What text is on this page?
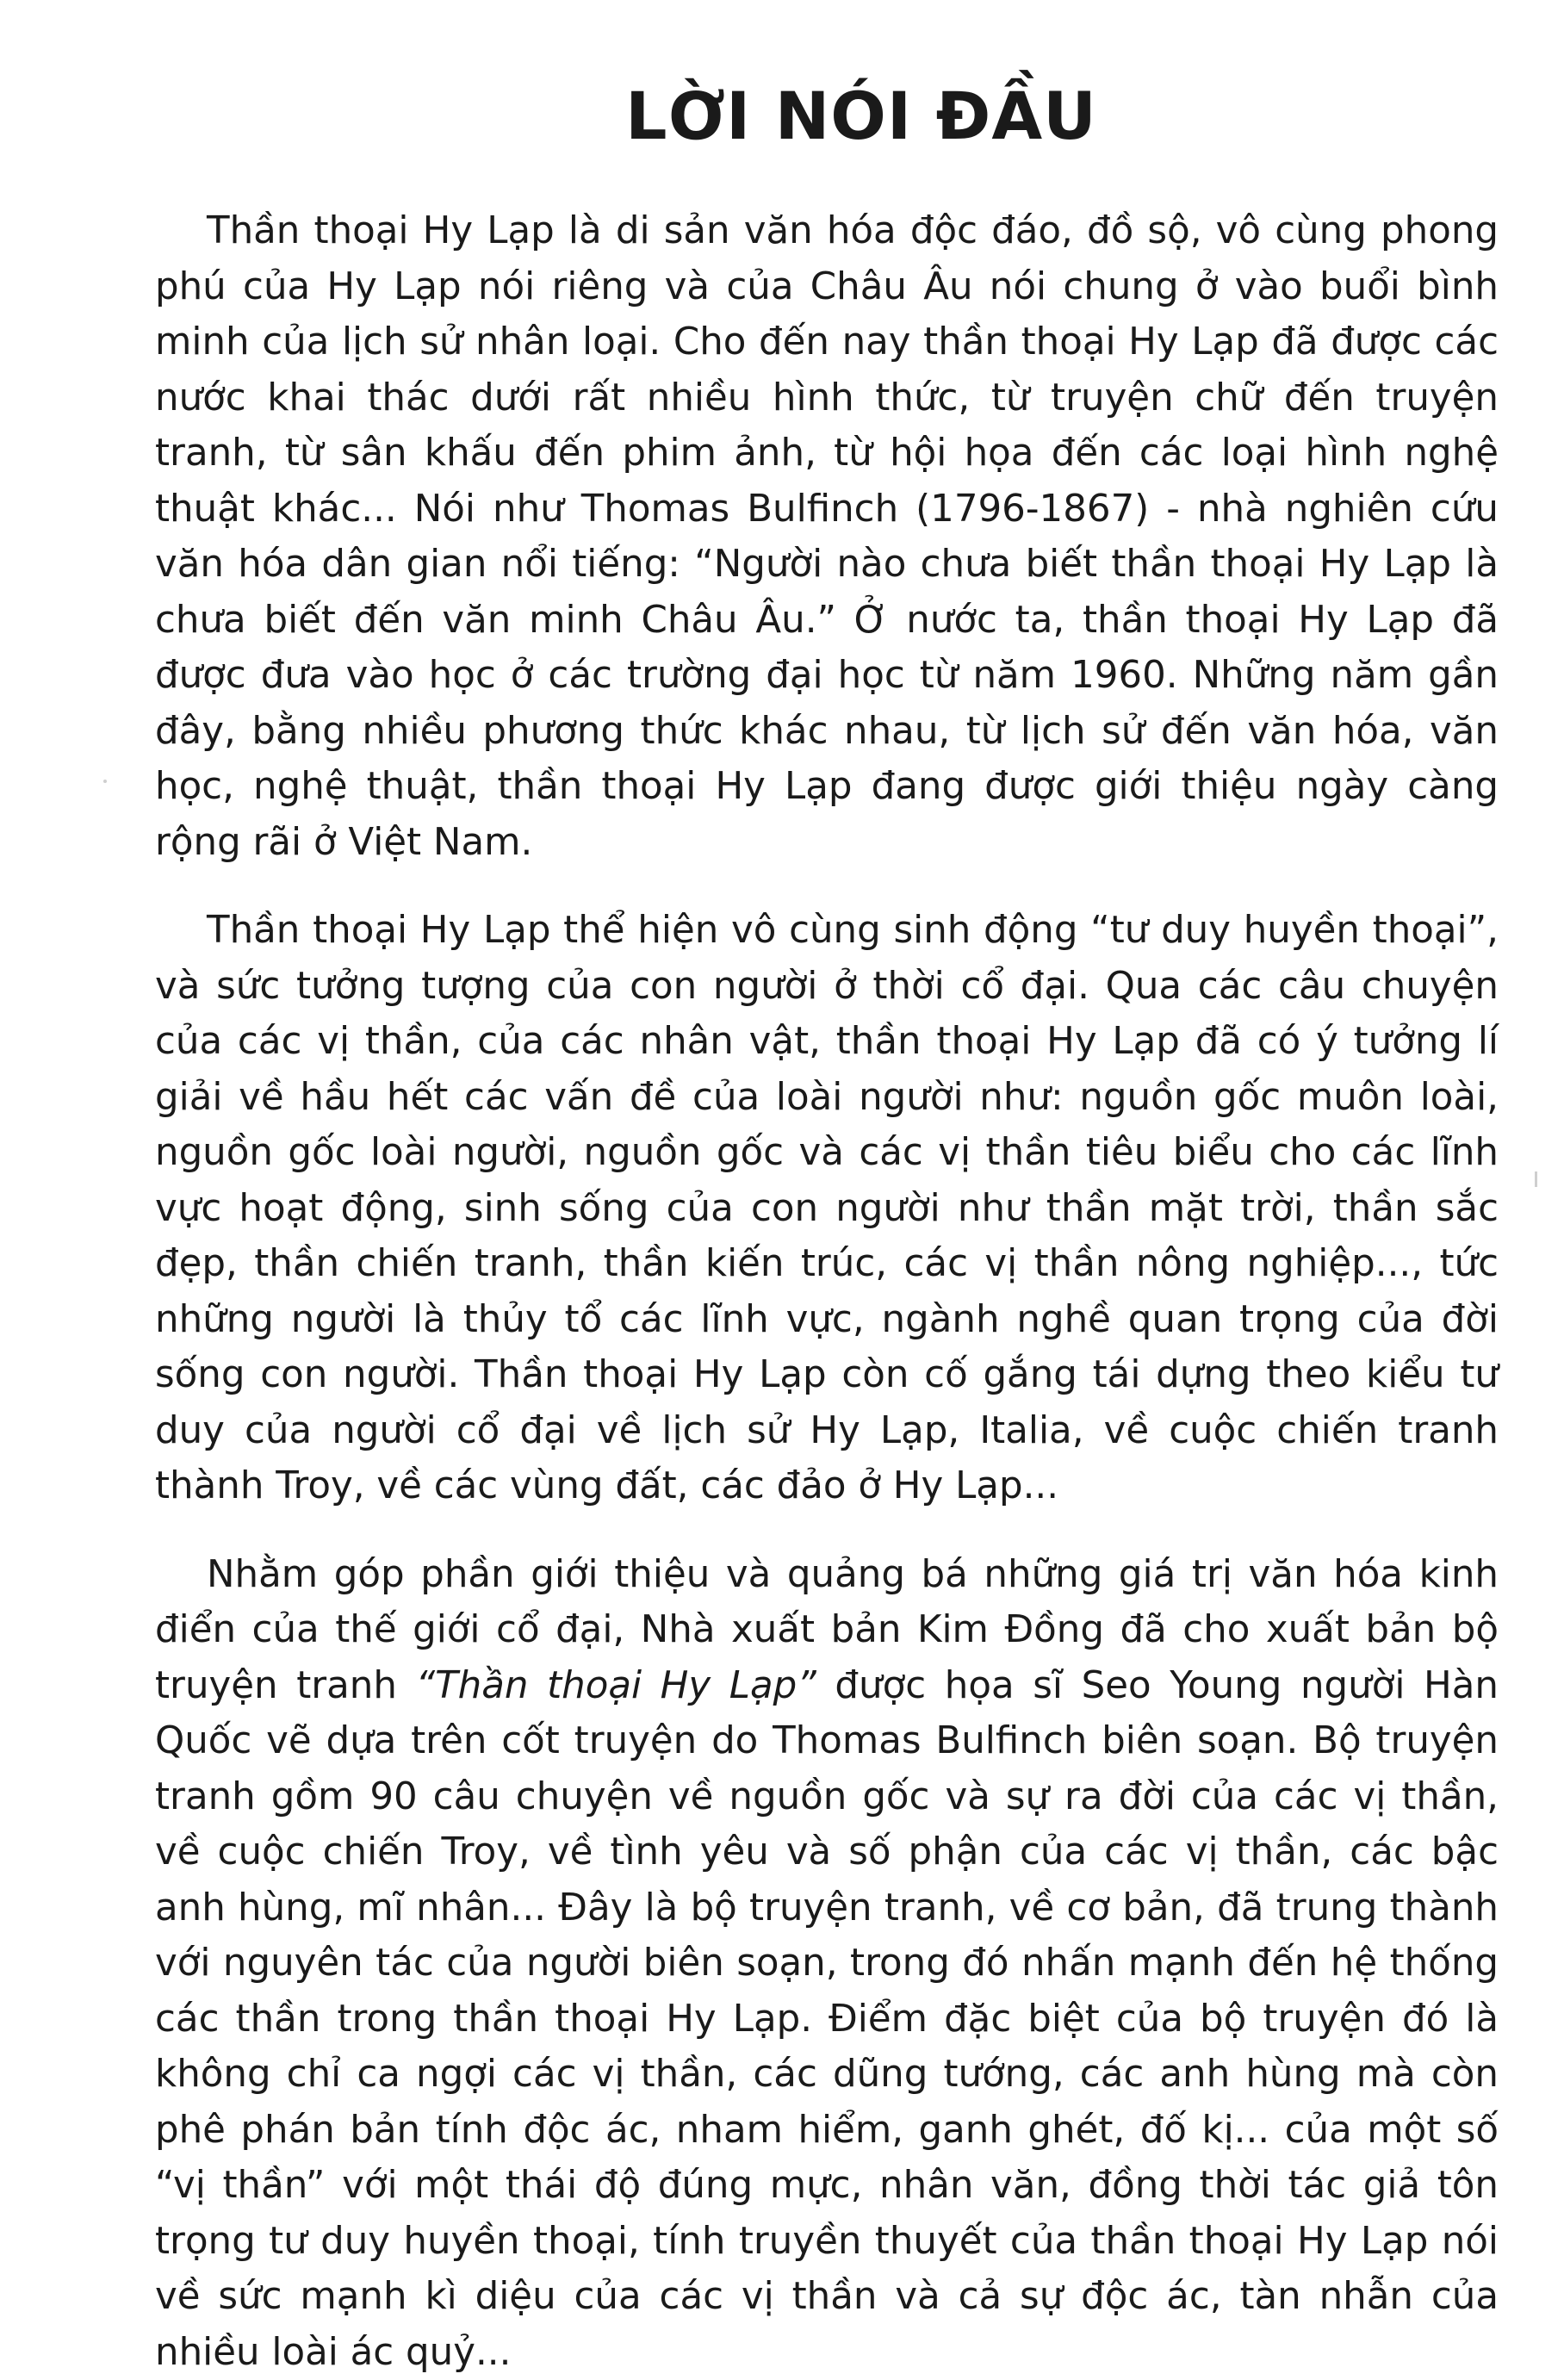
LỜI NÓI ĐẦU

Thần thoại Hy Lạp là di sản văn hóa độc đáo, đồ sộ, vô cùng phong phú của Hy Lạp nói riêng và của Châu Âu nói chung ở vào buổi bình minh của lịch sử nhân loại. Cho đến nay thần thoại Hy Lạp đã được các nước khai thác dưới rất nhiều hình thức, từ truyện chữ đến truyện tranh, từ sân khấu đến phim ảnh, từ hội họa đến các loại hình nghệ thuật khác... Nói như Thomas Bulfinch (1796-1867) - nhà nghiên cứu văn hóa dân gian nổi tiếng: “Người nào chưa biết thần thoại Hy Lạp là chưa biết đến văn minh Châu Âu.” Ở nước ta, thần thoại Hy Lạp đã được đưa vào học ở các trường đại học từ năm 1960. Những năm gần đây, bằng nhiều phương thức khác nhau, từ lịch sử đến văn hóa, văn học, nghệ thuật, thần thoại Hy Lạp đang được giới thiệu ngày càng rộng rãi ở Việt Nam.

Thần thoại Hy Lạp thể hiện vô cùng sinh động “tư duy huyền thoại”, và sức tưởng tượng của con người ở thời cổ đại. Qua các câu chuyện của các vị thần, của các nhân vật, thần thoại Hy Lạp đã có ý tưởng lí giải về hầu hết các vấn đề của loài người như: nguồn gốc muôn loài, nguồn gốc loài người, nguồn gốc và các vị thần tiêu biểu cho các lĩnh vực hoạt động, sinh sống của con người như thần mặt trời, thần sắc đẹp, thần chiến tranh, thần kiến trúc, các vị thần nông nghiệp..., tức những người là thủy tổ các lĩnh vực, ngành nghề quan trọng của đời sống con người. Thần thoại Hy Lạp còn cố gắng tái dựng theo kiểu tư duy của người cổ đại về lịch sử Hy Lạp, Italia, về cuộc chiến tranh thành Troy, về các vùng đất, các đảo ở Hy Lạp...

Nhằm góp phần giới thiệu và quảng bá những giá trị văn hóa kinh điển của thế giới cổ đại, Nhà xuất bản Kim Đồng đã cho xuất bản bộ truyện tranh “Thần thoại Hy Lạp” được họa sĩ Seo Young người Hàn Quốc vẽ dựa trên cốt truyện do Thomas Bulfinch biên soạn. Bộ truyện tranh gồm 90 câu chuyện về nguồn gốc và sự ra đời của các vị thần, về cuộc chiến Troy, về tình yêu và số phận của các vị thần, các bậc anh hùng, mĩ nhân... Đây là bộ truyện tranh, về cơ bản, đã trung thành với nguyên tác của người biên soạn, trong đó nhấn mạnh đến hệ thống các thần trong thần thoại Hy Lạp. Điểm đặc biệt của bộ truyện đó là không chỉ ca ngợi các vị thần, các dũng tướng, các anh hùng mà còn phê phán bản tính độc ác, nham hiểm, ganh ghét, đố kị... của một số “vị thần” với một thái độ đúng mực, nhân văn, đồng thời tác giả tôn trọng tư duy huyền thoại, tính truyền thuyết của thần thoại Hy Lạp nói về sức mạnh kì diệu của các vị thần và cả sự độc ác, tàn nhẫn của nhiều loài ác quỷ...
